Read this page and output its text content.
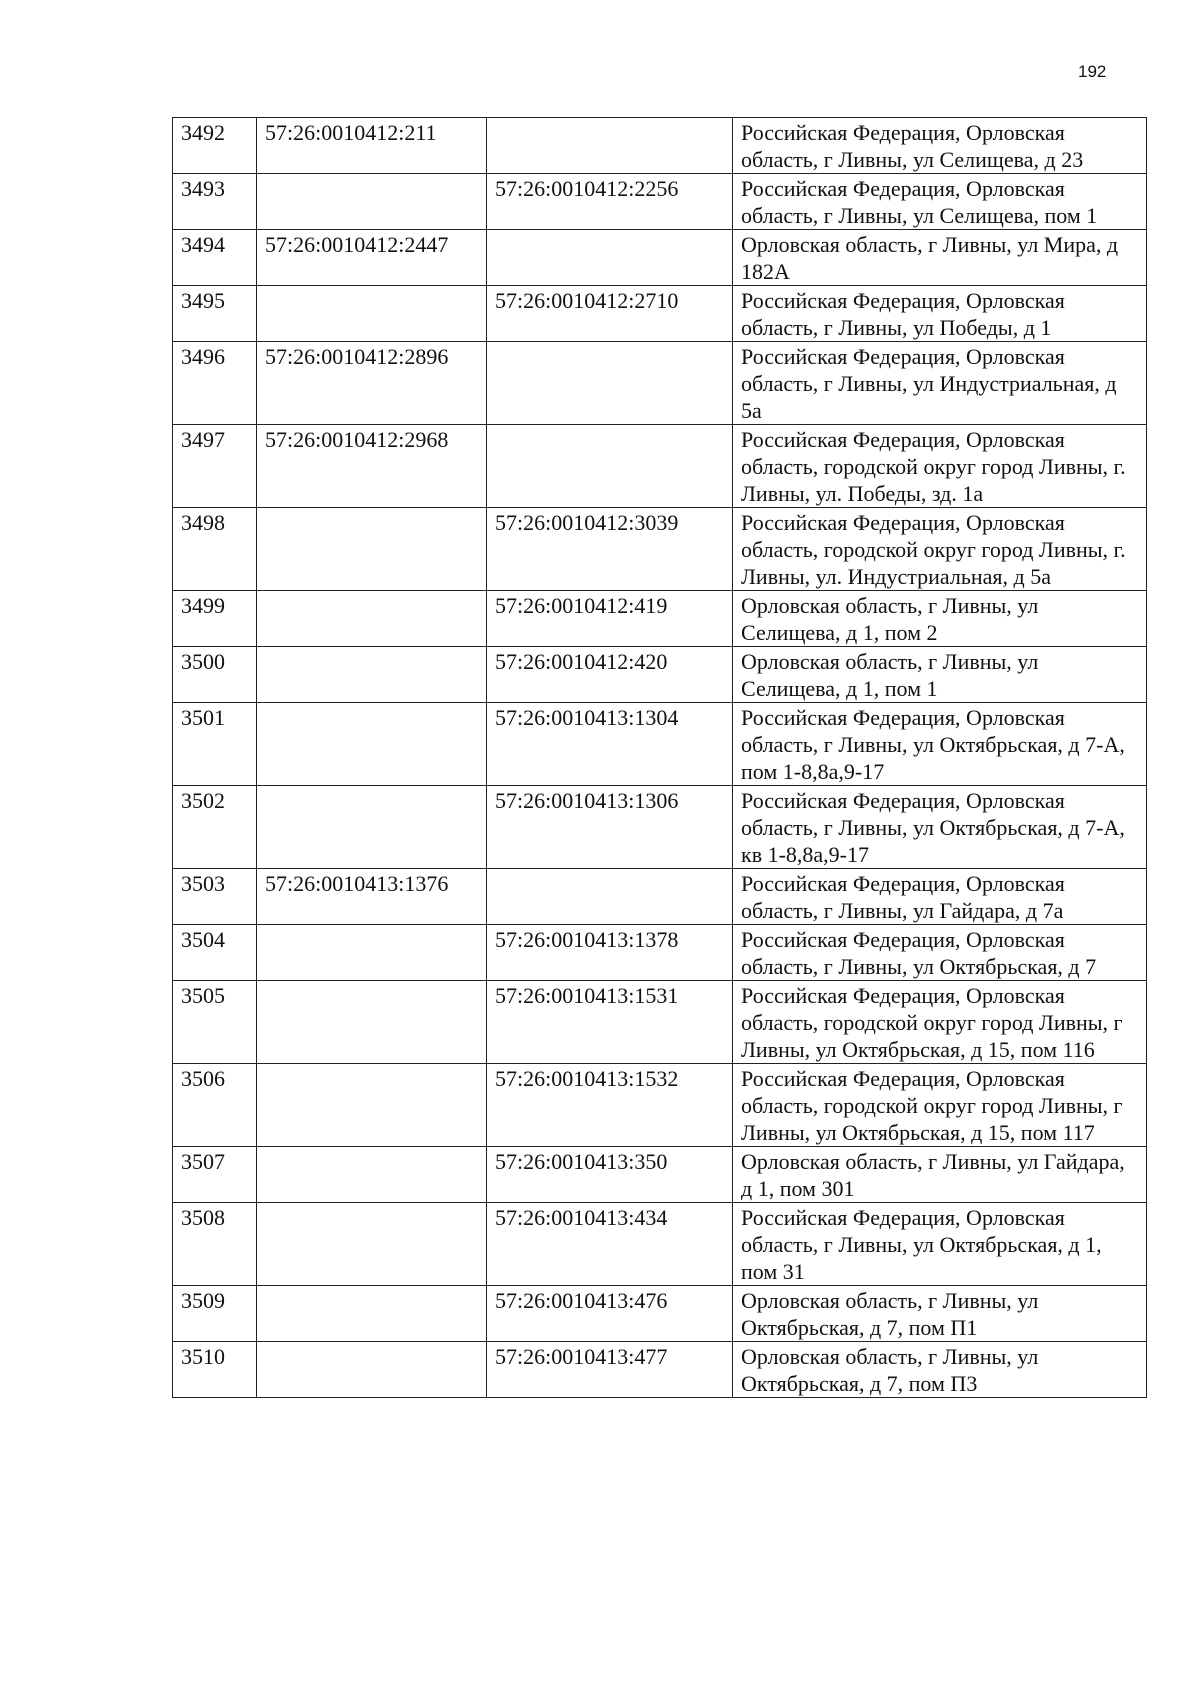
192
3492	57:26:0010412:211		Российская Федерация, Орловская область, г Ливны, ул Селищева, д 23
3493		57:26:0010412:2256	Российская Федерация, Орловская область, г Ливны, ул Селищева, пом 1
3494	57:26:0010412:2447		Орловская область, г Ливны, ул Мира, д 182А
3495		57:26:0010412:2710	Российская Федерация, Орловская область, г Ливны, ул Победы, д 1
3496	57:26:0010412:2896		Российская Федерация, Орловская область, г Ливны, ул Индустриальная, д 5а
3497	57:26:0010412:2968		Российская Федерация, Орловская область, городской округ город Ливны, г. Ливны, ул. Победы, зд. 1а
3498		57:26:0010412:3039	Российская Федерация, Орловская область, городской округ город Ливны, г. Ливны, ул. Индустриальная, д 5а
3499		57:26:0010412:419	Орловская область, г Ливны, ул Селищева, д 1, пом 2
3500		57:26:0010412:420	Орловская область, г Ливны, ул Селищева, д 1, пом 1
3501		57:26:0010413:1304	Российская Федерация, Орловская область, г Ливны, ул Октябрьская, д 7-А, пом 1-8,8а,9-17
3502		57:26:0010413:1306	Российская Федерация, Орловская область, г Ливны, ул Октябрьская, д 7-А, кв 1-8,8а,9-17
3503	57:26:0010413:1376		Российская Федерация, Орловская область, г Ливны, ул Гайдара, д 7а
3504		57:26:0010413:1378	Российская Федерация, Орловская область, г Ливны, ул Октябрьская, д 7
3505		57:26:0010413:1531	Российская Федерация, Орловская область, городской округ город Ливны, г Ливны, ул Октябрьская, д 15, пом 116
3506		57:26:0010413:1532	Российская Федерация, Орловская область, городской округ город Ливны, г Ливны, ул Октябрьская, д 15, пом 117
3507		57:26:0010413:350	Орловская область, г Ливны, ул Гайдара, д 1, пом 301
3508		57:26:0010413:434	Российская Федерация, Орловская область, г Ливны, ул Октябрьская, д 1, пом 31
3509		57:26:0010413:476	Орловская область, г Ливны, ул Октябрьская, д 7, пом П1
3510		57:26:0010413:477	Орловская область, г Ливны, ул Октябрьская, д 7, пом П3
